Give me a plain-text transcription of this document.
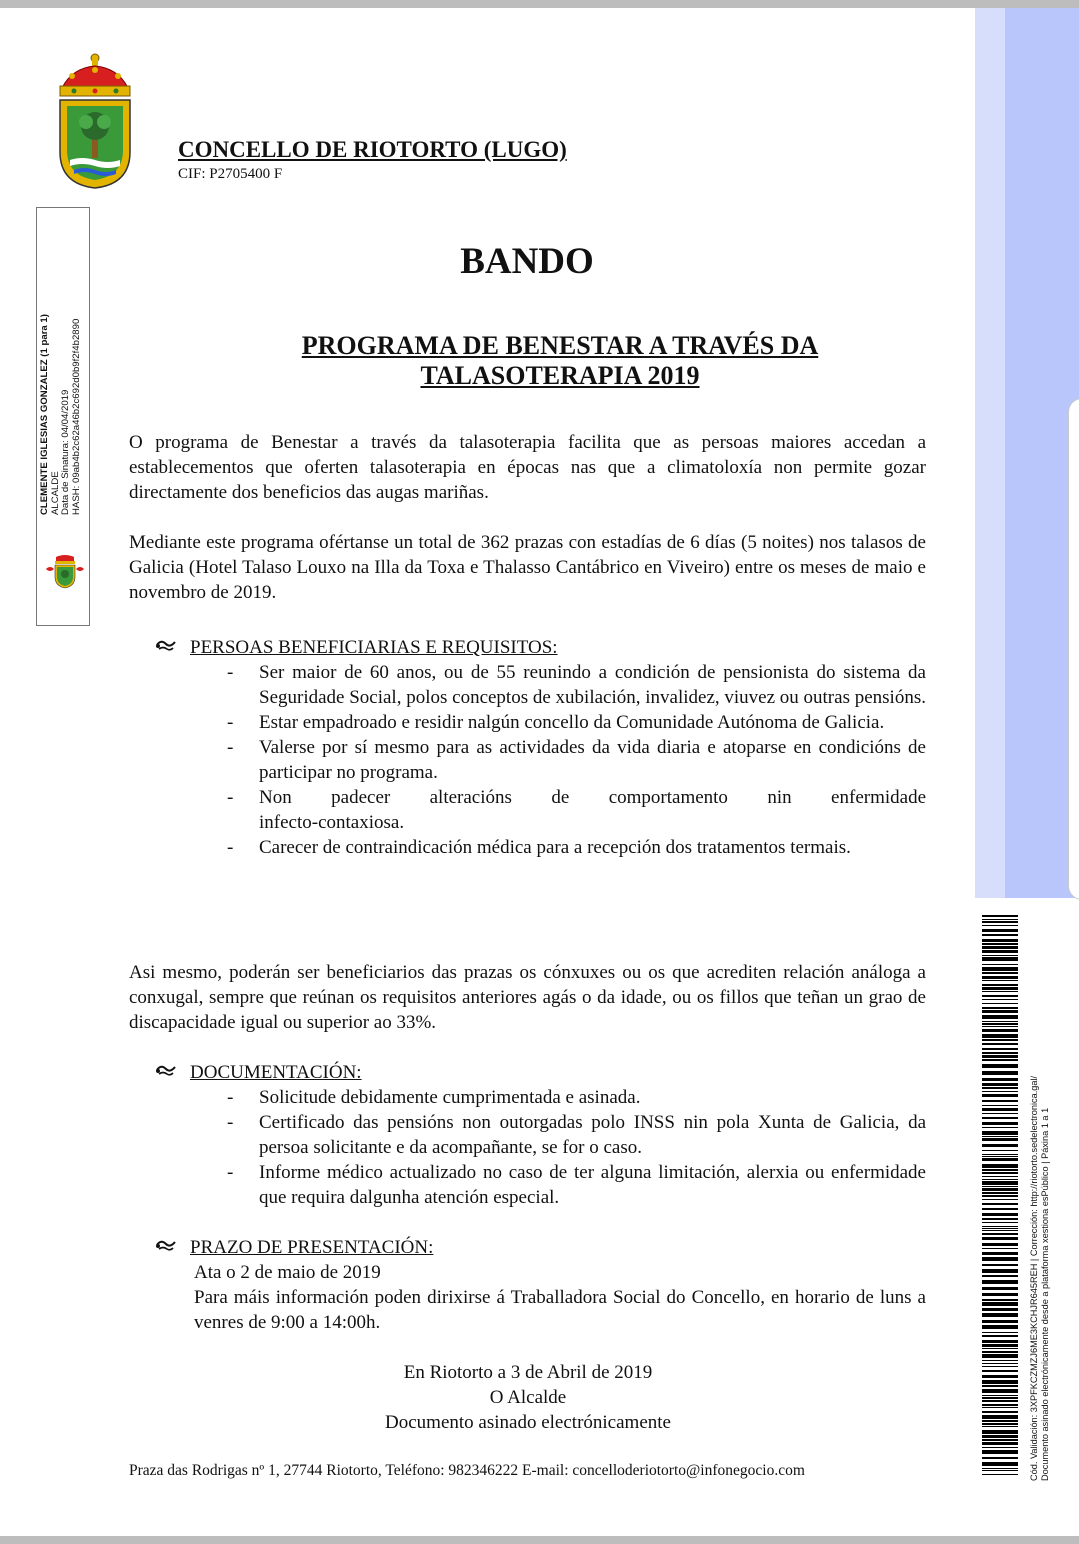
CONCELLO DE RIOTORTO (LUGO)
CIF: P2705400 F
CLEMENTE IGLESIAS GONZALEZ (1 para 1) ALCALDE Data de Sinatura: 04/04/2019 HASH: 09ab4b2c62a46b2c692d0b9f2f4b2890
BANDO
PROGRAMA DE BENESTAR A TRAVÉS DA
TALASOTERAPIA 2019

O programa de Benestar a través da talasoterapia facilita que as persoas maiores accedan a establecementos que oferten talasoterapia en épocas nas que a climatoloxía non permite gozar directamente dos beneficios das augas mariñas.

Mediante este programa ofértanse un total de 362 prazas con estadías de 6 días (5 noites) nos talasos de Galicia (Hotel Talaso Louxo na Illa da Toxa e Thalasso Cantábrico en Viveiro) entre os meses de maio e novembro de 2019.

PERSOAS BENEFICIARIAS E REQUISITOS:
- Ser maior de 60 anos, ou de 55 reunindo a condición de pensionista do sistema da Seguridade Social, polos conceptos de xubilación, invalidez, viuvez ou outras pensións.
- Estar empadroado e residir nalgún concello da Comunidade Autónoma de Galicia.
- Valerse por sí mesmo para as actividades da vida diaria e atoparse en condicións de participar no programa.
- Non padecer alteracións de comportamento nin enfermidade
infecto-contaxiosa.
- Carecer de contraindicación médica para a recepción dos tratamentos termais.

Asi mesmo, poderán ser beneficiarios das prazas os cónxuxes ou os que acrediten relación análoga a conxugal, sempre que reúnan os requisitos anteriores agás o da idade, ou os fillos que teñan un grao de discapacidade igual ou superior ao 33%.

DOCUMENTACIÓN:
- Solicitude debidamente cumprimentada e asinada.
- Certificado das pensións non outorgadas polo INSS nin pola Xunta de Galicia, da persoa solicitante e da acompañante, se for o caso.
- Informe médico actualizado no caso de ter alguna limitación, alerxia ou enfermidade que requira dalgunha atención especial.
PRAZO DE PRESENTACIÓN:
Ata o 2 de maio de 2019
Para máis información poden dirixirse á Traballadora Social do Concello, en horario de luns a venres de 9:00 a 14:00h.
En Riotorto a 3 de Abril de 2019
O Alcalde
Documento asinado electrónicamente
Praza das Rodrigas nº 1, 27744 Riotorto, Teléfono: 982346222 E-mail: concelloderiotorto@infonegocio.com	Cód. Validación: 3XPFKCZMZJ6ME3KCHJR645REH | Corrección: http://riotorto.sedelectronica.gal/ Documento asinado electrónicamente desde a plataforma xestiona esPúblico | Páxina 1 a 1
